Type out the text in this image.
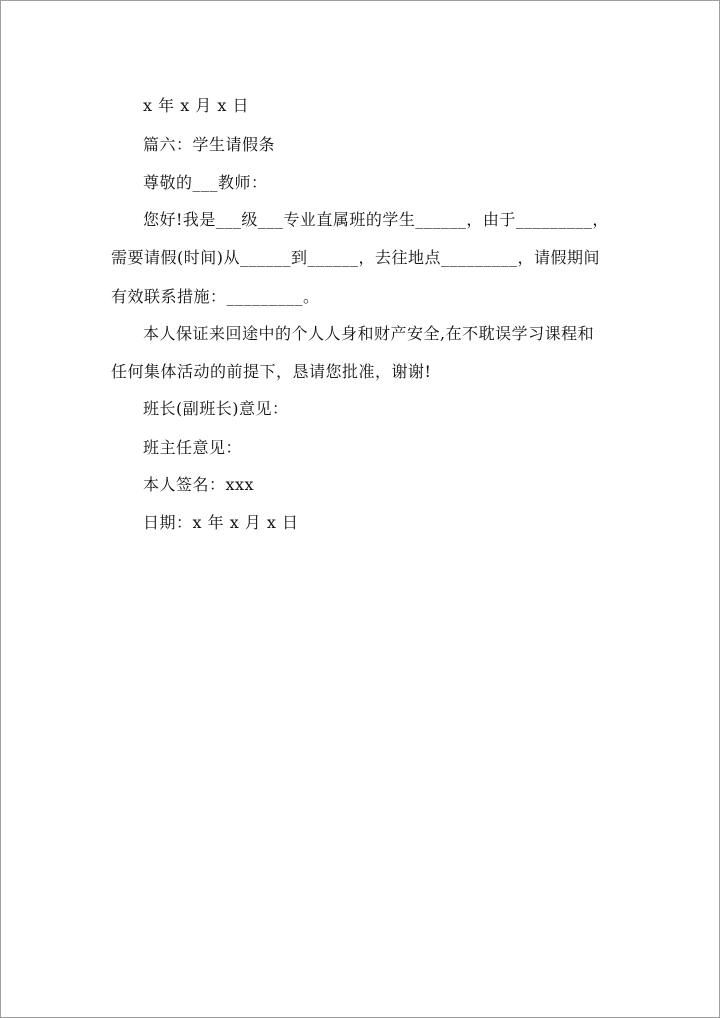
x 年 x 月 x 日

篇六：学生请假条

尊敬的___教师：

您好!我是___级___专业直属班的学生______，由于_________，

需要请假(时间)从______到______，去往地点_________，请假期间

有效联系措施：_________。

本人保证来回途中的个人人身和财产安全,在不耽误学习课程和

任何集体活动的前提下，恳请您批准，谢谢!

班长(副班长)意见：

班主任意见：

本人签名：xxx

日期：x 年 x 月 x 日
